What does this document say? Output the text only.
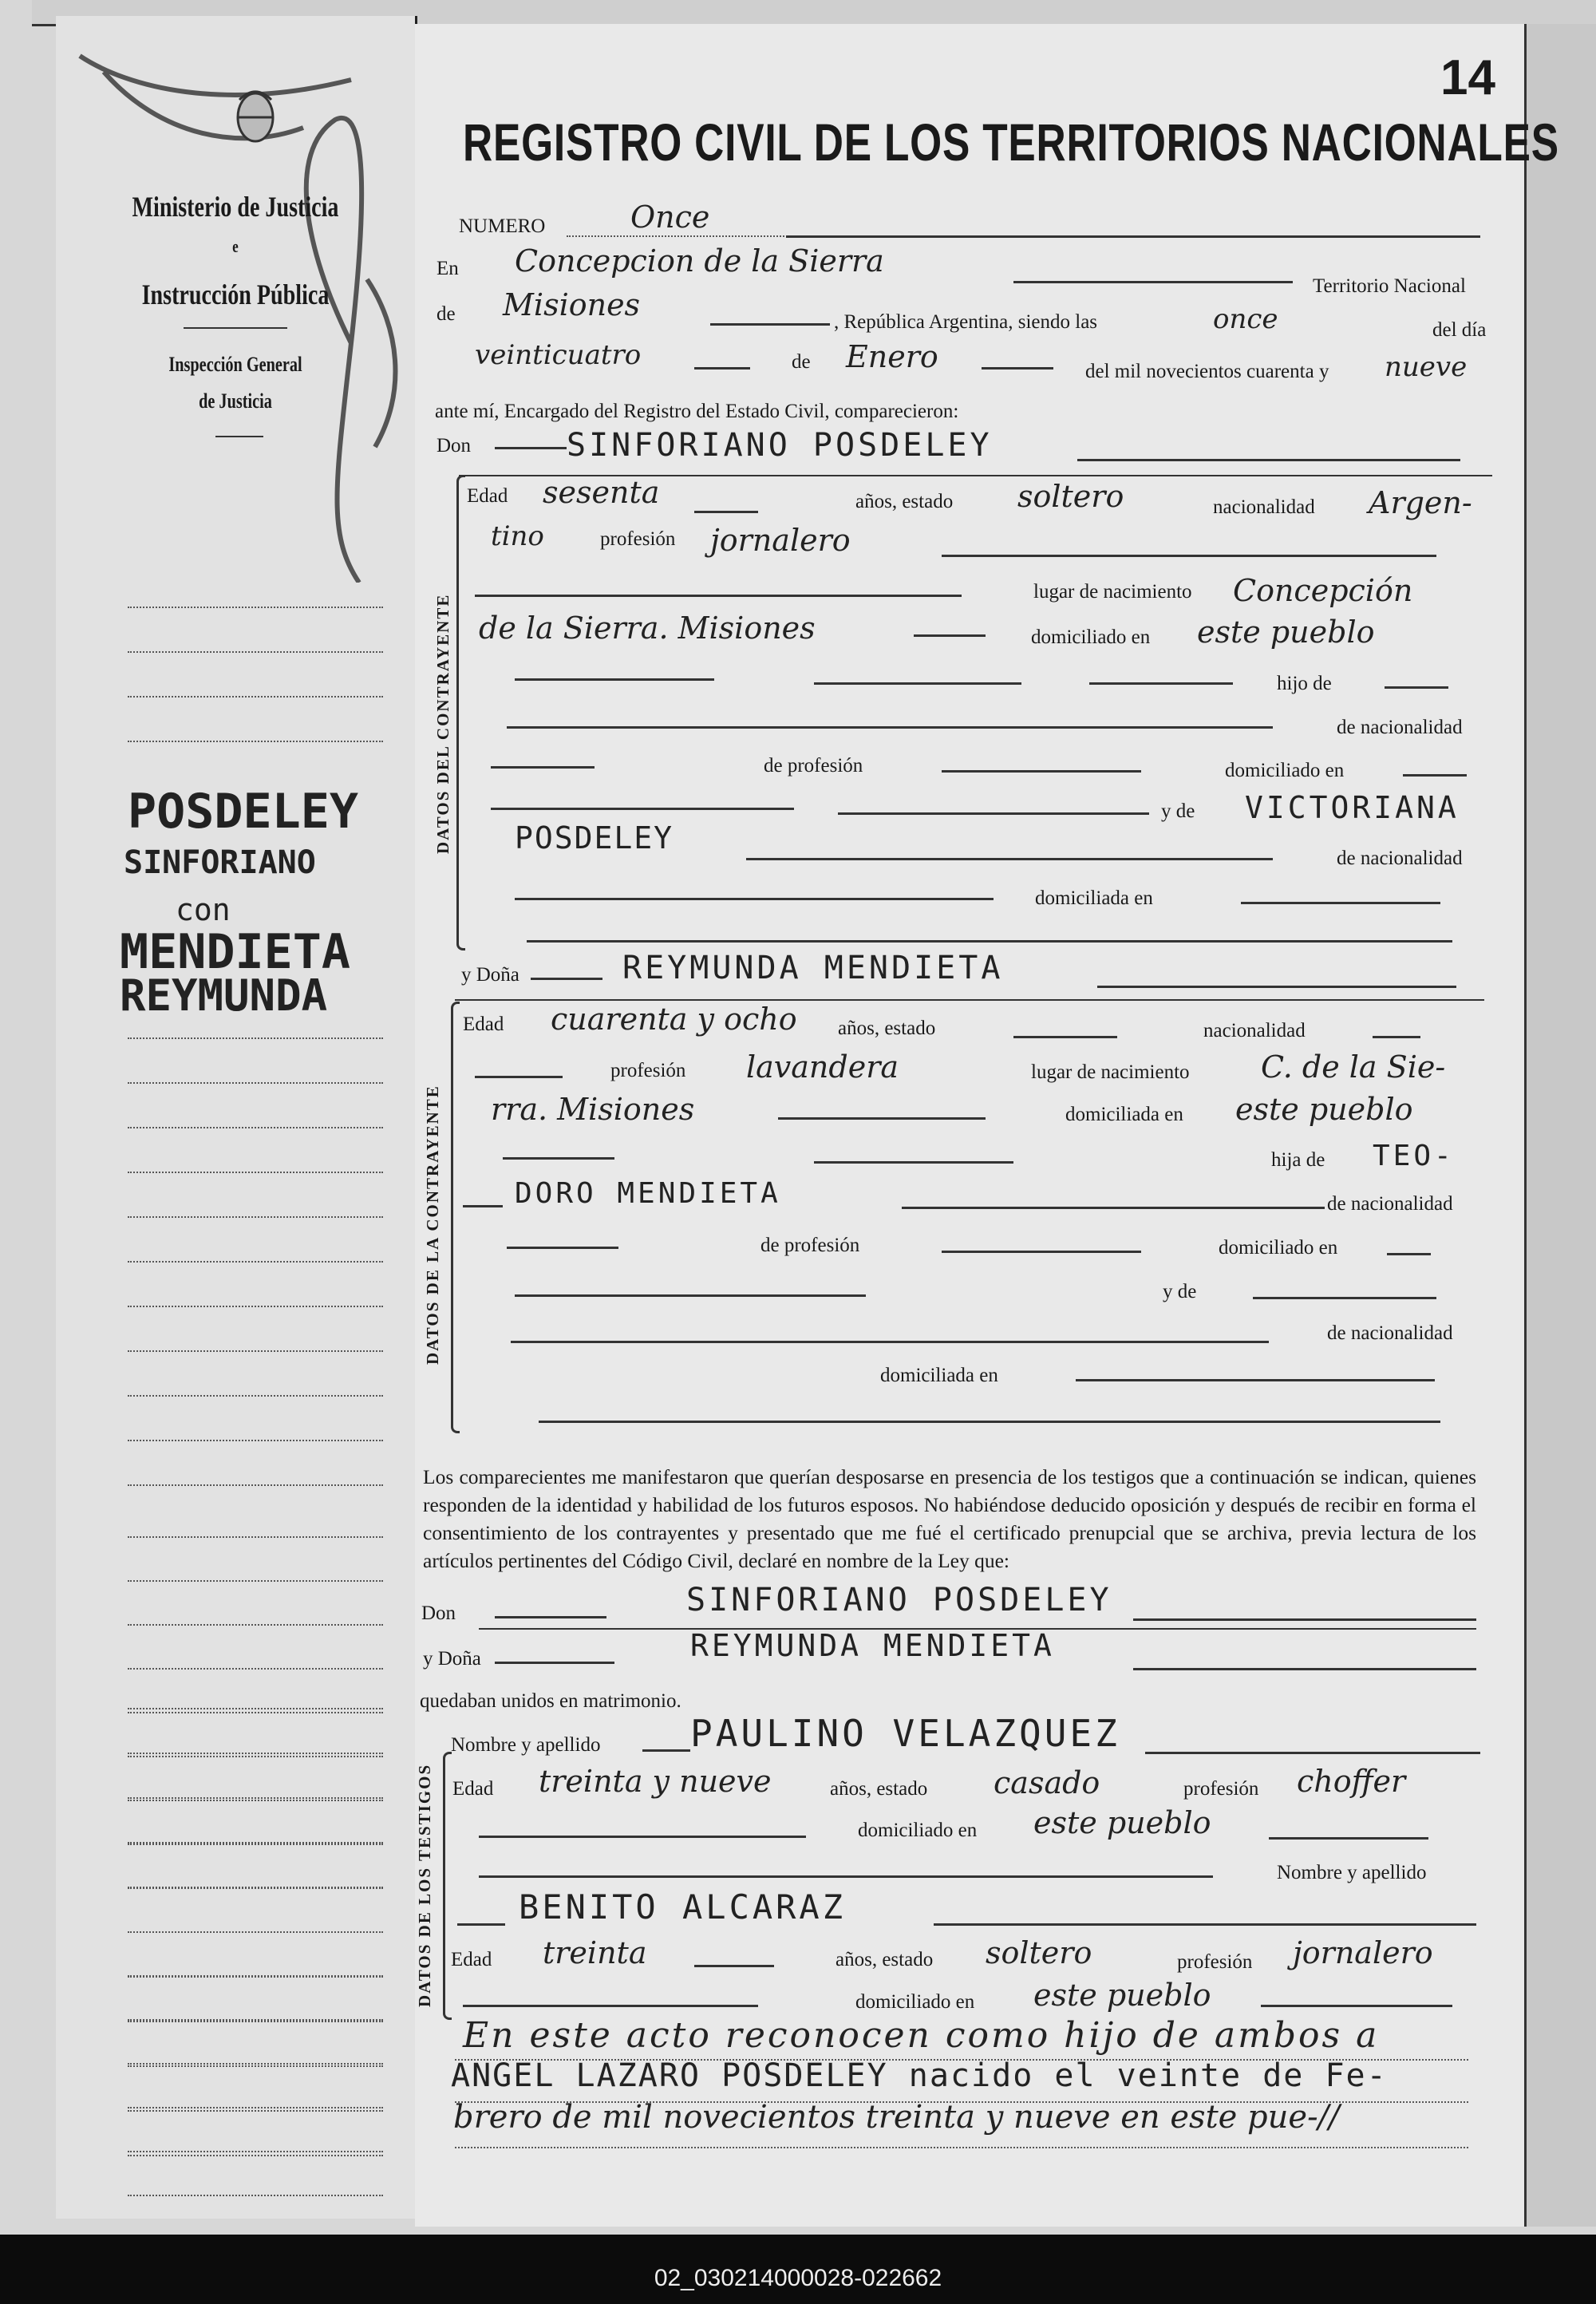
Ministerio de Justicia
e
Instrucción Pública
Inspección General
de Justicia
POSDELEY
SINFORIANO
con
MENDIETA
REYMUNDA
14
REGISTRO CIVIL DE LOS TERRITORIOS NACIONALES
NUMERO	Once
En Concepcion de la Sierra
Territorio Nacional
de Misiones	, República Argentina, siendo las	once	del día
veinticuatro	de Enero	del mil novecientos cuarenta y nueve
ante mí, Encargado del Registro del Estado Civil, comparecieron:
Don	SINFORIANO POSDELEY
DATOS DEL CONTRAYENTE
Edad sesenta	años, estado soltero	nacionalidad Argen-
tino	profesión jornalero
lugar de nacimiento Concepción
de la Sierra. Misiones	domiciliado en este pueblo
hijo de
de nacionalidad
de profesión	domiciliado en
y de VICTORIANA
POSDELEY
de nacionalidad
domiciliada en
y Doña	REYMUNDA MENDIETA
DATOS DE LA CONTRAYENTE
Edad cuarenta y ocho años, estado	nacionalidad
profesión lavandera	lugar de nacimiento C. de la Sie-
rra. Misiones	domiciliada en este pueblo
hija de TEO-
DORO MENDIETA	de nacionalidad
de profesión	domiciliado en
y de
de nacionalidad
domiciliada en
Los comparecientes me manifestaron que querían desposarse en presencia de los testigos que a continuación se indican, quienes responden de la identidad y habilidad de los futuros esposos. No habiéndose deducido oposición y después de recibir en forma el consentimiento de los contrayentes y presentado que me fué el certificado prenupcial que se archiva, previa lectura de los artículos pertinentes del Código Civil, declaré en nombre de la Ley que:
Don	SINFORIANO POSDELEY
y Doña	REYMUNDA MENDIETA
quedaban unidos en matrimonio.
DATOS DE LOS TESTIGOS
Nombre y apellido PAULINO VELAZQUEZ
Edad treinta y nueve	años, estado casado	profesión choffer
domiciliado en este pueblo
Nombre y apellido
BENITO ALCARAZ
Edad treinta	años, estado soltero	profesión jornalero
domiciliado en este pueblo
En este acto reconocen como hijo de ambos a
ANGEL LAZARO POSDELEY nacido el veinte de Fe-
brero de mil novecientos treinta y nueve en este pue-//
02_030214000028-022662
